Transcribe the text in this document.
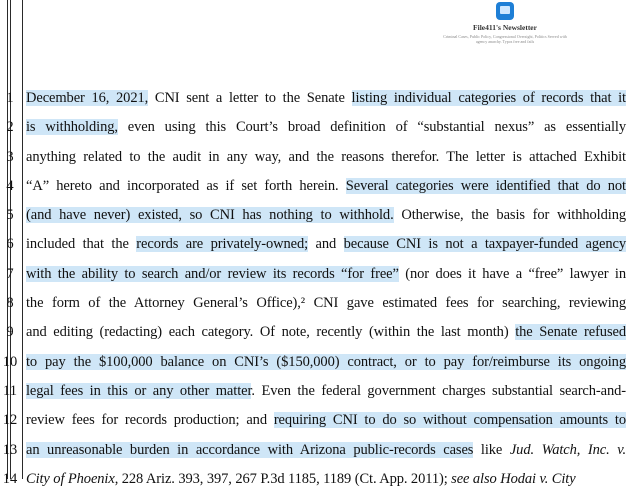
File411's Newsletter
Criminal Cases, Public Policy, Congressional Oversight, Politics Served with agency anarchy. Typos free and fails
1 December 16, 2021, CNI sent a letter to the Senate listing individual categories of records that it
2 is withholding, even using this Court’s broad definition of “substantial nexus” as essentially
3 anything related to the audit in any way, and the reasons therefor. The letter is attached Exhibit
4 “A” hereto and incorporated as if set forth herein. Several categories were identified that do not
5 (and have never) existed, so CNI has nothing to withhold. Otherwise, the basis for withholding
6 included that the records are privately-owned; and because CNI is not a taxpayer-funded agency
7 with the ability to search and/or review its records “for free” (nor does it have a “free” lawyer in
8 the form of the Attorney General’s Office),² CNI gave estimated fees for searching, reviewing
9 and editing (redacting) each category. Of note, recently (within the last month) the Senate refused
10 to pay the $100,000 balance on CNI’s ($150,000) contract, or to pay for/reimburse its ongoing
11 legal fees in this or any other matter. Even the federal government charges substantial search-and-
12 review fees for records production; and requiring CNI to do so without compensation amounts to
13 an unreasonable burden in accordance with Arizona public-records cases like Jud. Watch, Inc. v.
14 City of Phoenix, 228 Ariz. 393, 397, 267 P.3d 1185, 1189 (Ct. App. 2011); see also Hodai v. City
